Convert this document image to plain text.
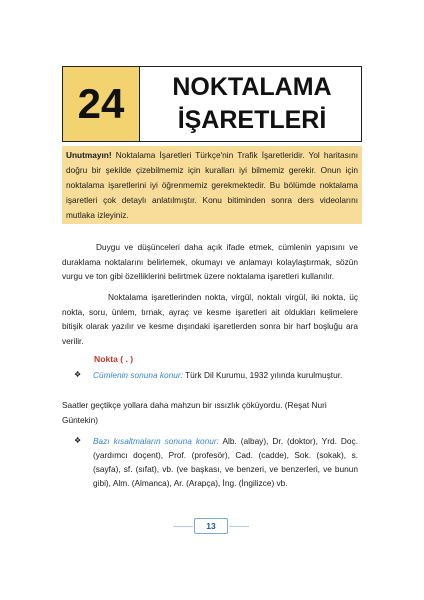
24	NOKTALAMA
İŞARETLERİ
Unutmayın! Noktalama İşaretleri Türkçe'nin Trafik İşaretleridir. Yol haritasını doğru bir şekilde çizebilmemiz için kuralları iyi bilmemiz gerekir. Onun için noktalama işaretlerini iyi öğrenmemiz gerekmektedir. Bu bölümde noktalama işaretleri çok detaylı anlatılmıştır. Konu bitiminden sonra ders videolarını mutlaka izleyiniz.
Duygu ve düşünceleri daha açık ifade etmek, cümlenin yapısını ve duraklama noktalarını belirlemek, okumayı ve anlamayı kolaylaştırmak, sözün vurgu ve ton gibi özelliklerini belirtmek üzere noktalama işaretleri kullanılır.
Noktalama işaretlerinden nokta, virgül, noktalı virgül, iki nokta, üç nokta, soru, ünlem, tırnak, ayraç ve kesme işaretleri ait oldukları kelimelere bitişik olarak yazılır ve kesme dışındaki işaretlerden sonra bir harf boşluğu ara verilir.
Nokta ( . )
❖ Cümlenin sonuna konur: Türk Dil Kurumu, 1932 yılında kurulmuştur.
Saatler geçtikçe yollara daha mahzun bir ıssızlık çöküyordu. (Reşat Nuri Güntekin)
❖ Bazı kısaltmaların sonuna konur: Alb. (albay), Dr. (doktor), Yrd. Doç. (yardımcı doçent), Prof. (profesör), Cad. (cadde), Sok. (sokak), s. (sayfa), sf. (sıfat), vb. (ve başkası, ve benzeri, ve benzerleri, ve bunun gibi), Alm. (Almanca), Ar. (Arapça), İng. (İngilizce) vb.
13
